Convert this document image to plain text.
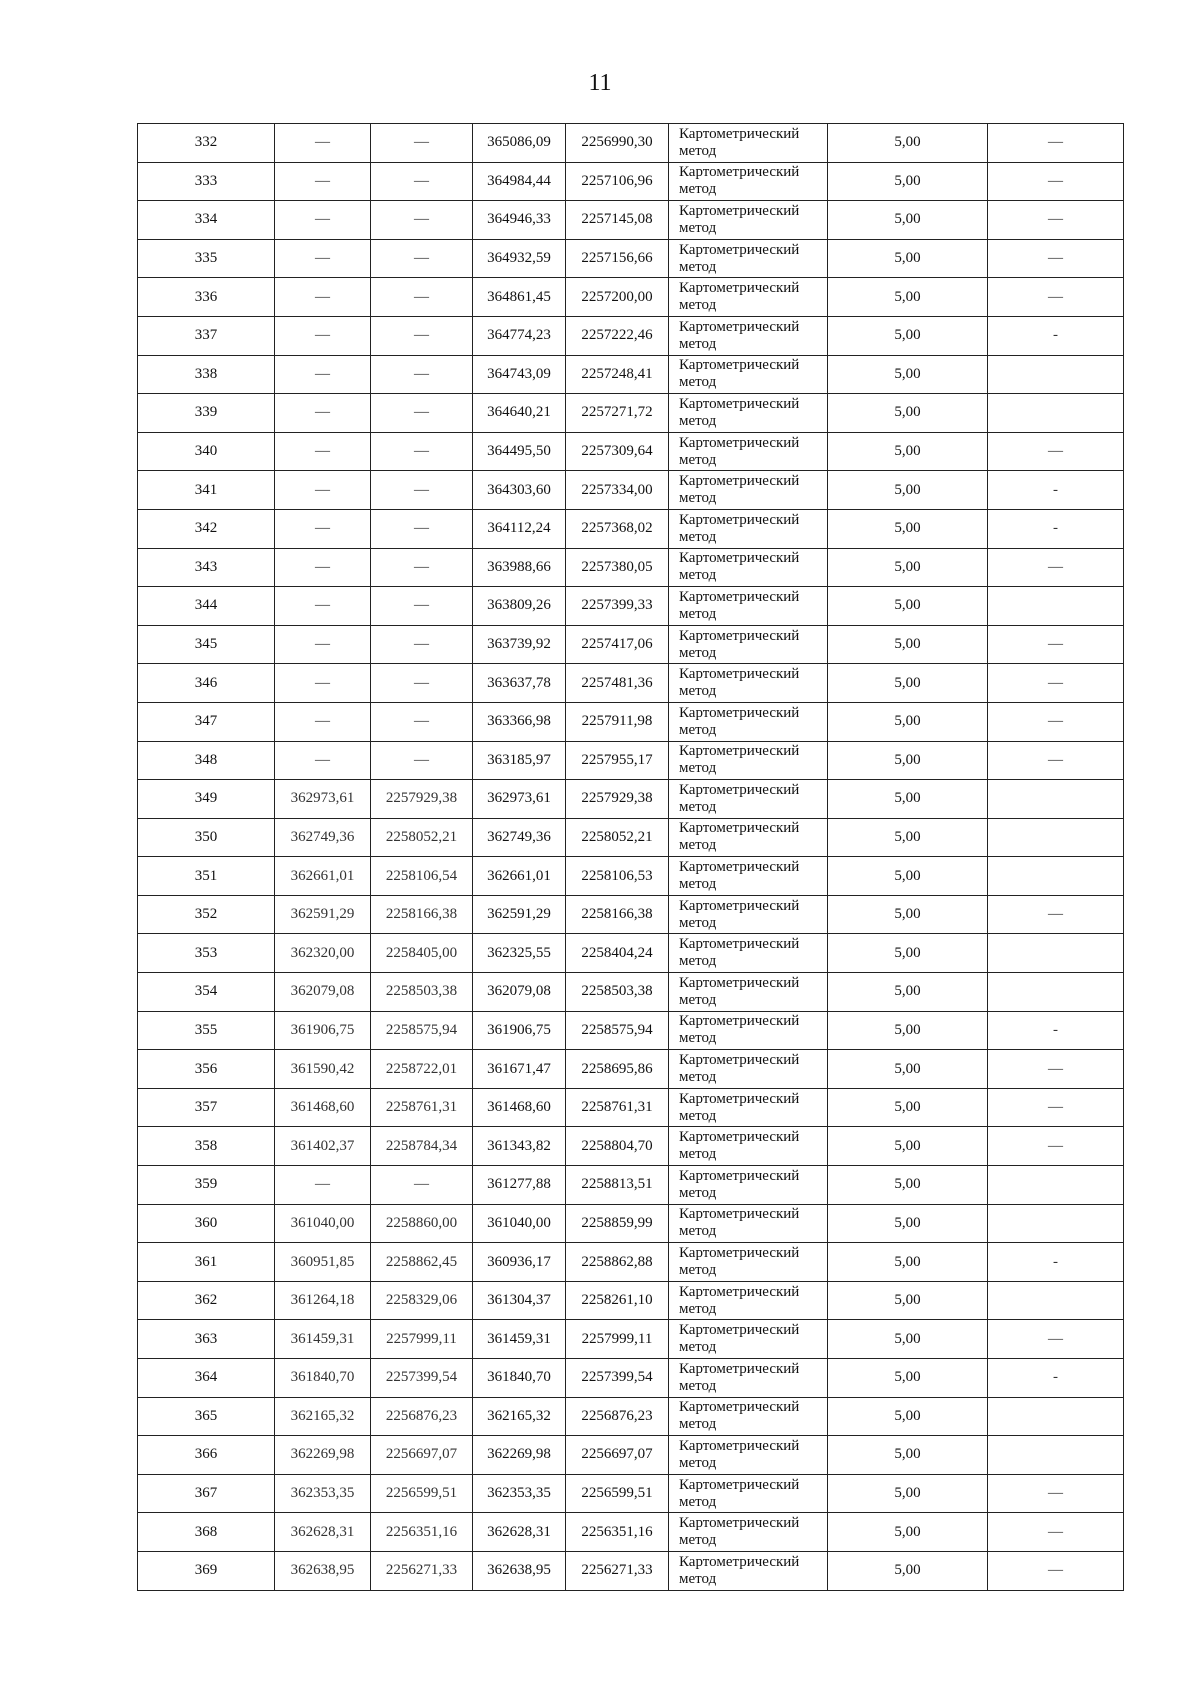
11
332	—	—	365086,09	2256990,30	Картометрический
метод	5,00	—
333	—	—	364984,44	2257106,96	Картометрический
метод	5,00	—
334	—	—	364946,33	2257145,08	Картометрический
метод	5,00	—
335	—	—	364932,59	2257156,66	Картометрический
метод	5,00	—
336	—	—	364861,45	2257200,00	Картометрический
метод	5,00	—
337	—	—	364774,23	2257222,46	Картометрический
метод	5,00	-
338	—	—	364743,09	2257248,41	Картометрический
метод	5,00	
339	—	—	364640,21	2257271,72	Картометрический
метод	5,00	
340	—	—	364495,50	2257309,64	Картометрический
метод	5,00	—
341	—	—	364303,60	2257334,00	Картометрический
метод	5,00	-
342	—	—	364112,24	2257368,02	Картометрический
метод	5,00	-
343	—	—	363988,66	2257380,05	Картометрический
метод	5,00	—
344	—	—	363809,26	2257399,33	Картометрический
метод	5,00	
345	—	—	363739,92	2257417,06	Картометрический
метод	5,00	—
346	—	—	363637,78	2257481,36	Картометрический
метод	5,00	—
347	—	—	363366,98	2257911,98	Картометрический
метод	5,00	—
348	—	—	363185,97	2257955,17	Картометрический
метод	5,00	—
349	362973,61	2257929,38	362973,61	2257929,38	Картометрический
метод	5,00	
350	362749,36	2258052,21	362749,36	2258052,21	Картометрический
метод	5,00	
351	362661,01	2258106,54	362661,01	2258106,53	Картометрический
метод	5,00	
352	362591,29	2258166,38	362591,29	2258166,38	Картометрический
метод	5,00	—
353	362320,00	2258405,00	362325,55	2258404,24	Картометрический
метод	5,00	
354	362079,08	2258503,38	362079,08	2258503,38	Картометрический
метод	5,00	
355	361906,75	2258575,94	361906,75	2258575,94	Картометрический
метод	5,00	-
356	361590,42	2258722,01	361671,47	2258695,86	Картометрический
метод	5,00	—
357	361468,60	2258761,31	361468,60	2258761,31	Картометрический
метод	5,00	—
358	361402,37	2258784,34	361343,82	2258804,70	Картометрический
метод	5,00	—
359	—	—	361277,88	2258813,51	Картометрический
метод	5,00	
360	361040,00	2258860,00	361040,00	2258859,99	Картометрический
метод	5,00	
361	360951,85	2258862,45	360936,17	2258862,88	Картометрический
метод	5,00	-
362	361264,18	2258329,06	361304,37	2258261,10	Картометрический
метод	5,00	
363	361459,31	2257999,11	361459,31	2257999,11	Картометрический
метод	5,00	—
364	361840,70	2257399,54	361840,70	2257399,54	Картометрический
метод	5,00	-
365	362165,32	2256876,23	362165,32	2256876,23	Картометрический
метод	5,00	
366	362269,98	2256697,07	362269,98	2256697,07	Картометрический
метод	5,00	
367	362353,35	2256599,51	362353,35	2256599,51	Картометрический
метод	5,00	—
368	362628,31	2256351,16	362628,31	2256351,16	Картометрический
метод	5,00	—
369	362638,95	2256271,33	362638,95	2256271,33	Картометрический
метод	5,00	—
